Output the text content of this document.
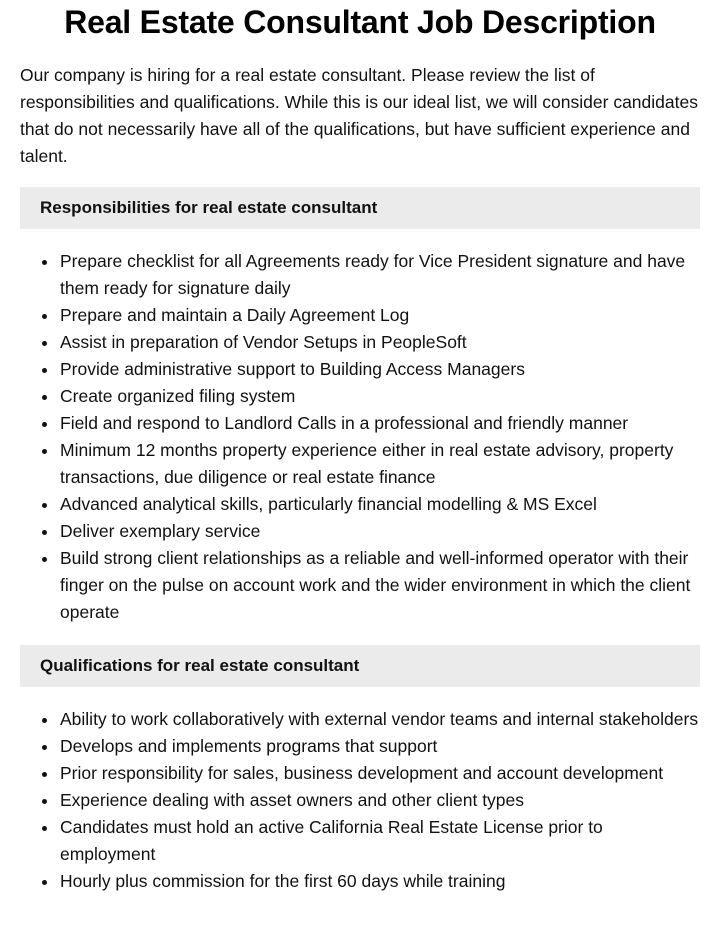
Real Estate Consultant Job Description

Our company is hiring for a real estate consultant. Please review the list of responsibilities and qualifications. While this is our ideal list, we will consider candidates that do not necessarily have all of the qualifications, but have sufficient experience and talent.

Responsibilities for real estate consultant
Prepare checklist for all Agreements ready for Vice President signature and have them ready for signature daily
Prepare and maintain a Daily Agreement Log
Assist in preparation of Vendor Setups in PeopleSoft
Provide administrative support to Building Access Managers
Create organized filing system
Field and respond to Landlord Calls in a professional and friendly manner
Minimum 12 months property experience either in real estate advisory, property transactions, due diligence or real estate finance
Advanced analytical skills, particularly financial modelling & MS Excel
Deliver exemplary service
Build strong client relationships as a reliable and well-informed operator with their finger on the pulse on account work and the wider environment in which the client operate
Qualifications for real estate consultant
Ability to work collaboratively with external vendor teams and internal stakeholders
Develops and implements programs that support
Prior responsibility for sales, business development and account development
Experience dealing with asset owners and other client types
Candidates must hold an active California Real Estate License prior to employment
Hourly plus commission for the first 60 days while training
